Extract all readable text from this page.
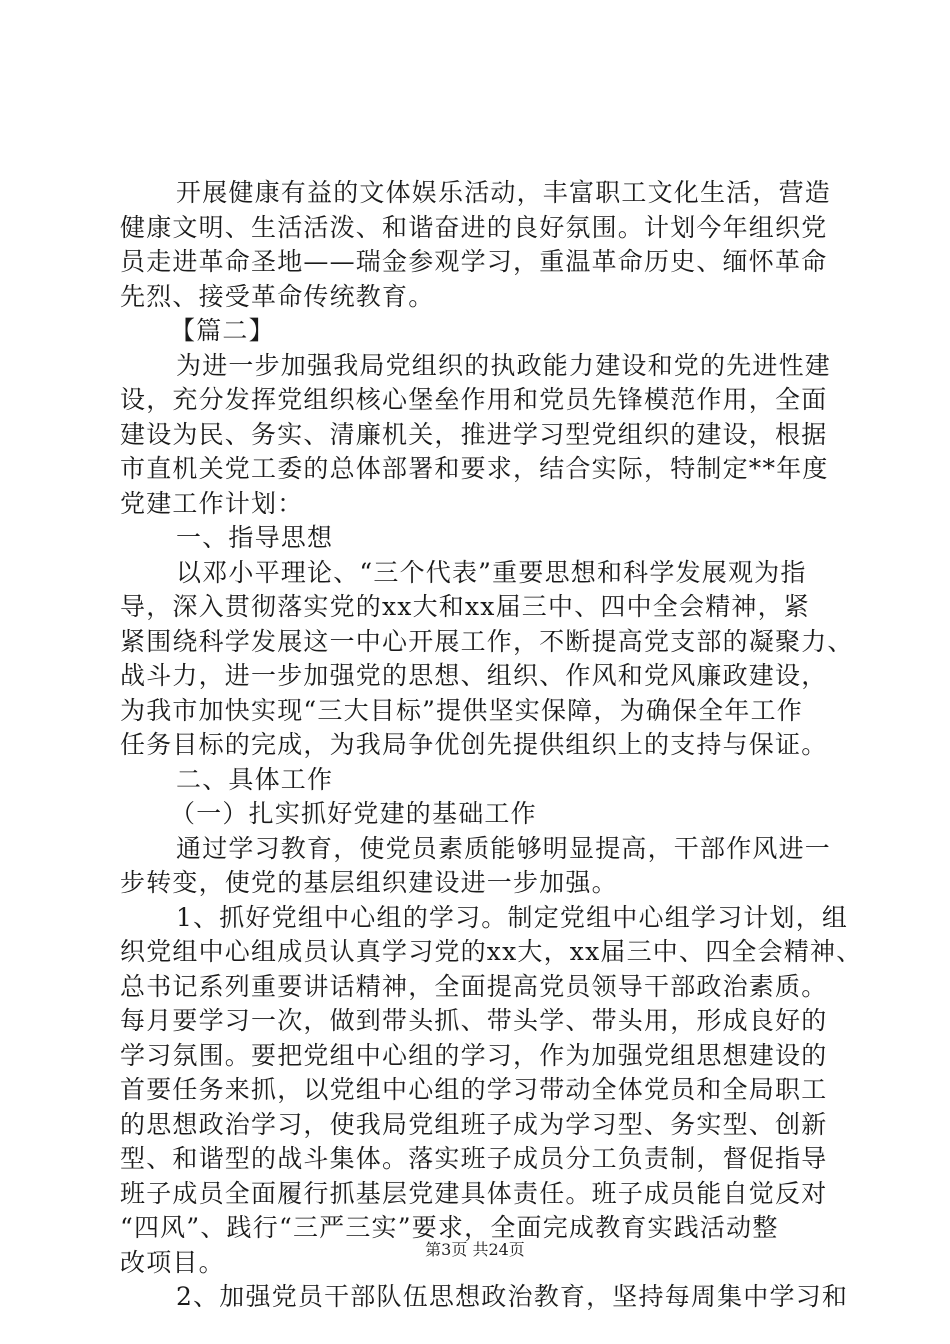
开展健康有益的文体娱乐活动，丰富职工文化生活，营造
健康文明、生活活泼、和谐奋进的良好氛围。计划今年组织党
员走进革命圣地——瑞金参观学习，重温革命历史、缅怀革命
先烈、接受革命传统教育。
【篇二】
为进一步加强我局党组织的执政能力建设和党的先进性建
设，充分发挥党组织核心堡垒作用和党员先锋模范作用，全面
建设为民、务实、清廉机关，推进学习型党组织的建设，根据
市直机关党工委的总体部署和要求，结合实际，特制定**年度
党建工作计划：
一、指导思想
以邓小平理论、“三个代表”重要思想和科学发展观为指
导，深入贯彻落实党的xx大和xx届三中、四中全会精神，紧
紧围绕科学发展这一中心开展工作，不断提高党支部的凝聚力、
战斗力，进一步加强党的思想、组织、作风和党风廉政建设，
为我市加快实现“三大目标”提供坚实保障，为确保全年工作
任务目标的完成，为我局争优创先提供组织上的支持与保证。
二、具体工作
（一）扎实抓好党建的基础工作
通过学习教育，使党员素质能够明显提高，干部作风进一
步转变，使党的基层组织建设进一步加强。
1、抓好党组中心组的学习。制定党组中心组学习计划，组
织党组中心组成员认真学习党的xx大，xx届三中、四全会精神、
总书记系列重要讲话精神，全面提高党员领导干部政治素质。
每月要学习一次，做到带头抓、带头学、带头用，形成良好的
学习氛围。要把党组中心组的学习，作为加强党组思想建设的
首要任务来抓，以党组中心组的学习带动全体党员和全局职工
的思想政治学习，使我局党组班子成为学习型、务实型、创新
型、和谐型的战斗集体。落实班子成员分工负责制，督促指导
班子成员全面履行抓基层党建具体责任。班子成员能自觉反对
“四风”、践行“三严三实”要求，全面完成教育实践活动整
改项目。
2、加强党员干部队伍思想政治教育，坚持每周集中学习和
第3页 共24页
